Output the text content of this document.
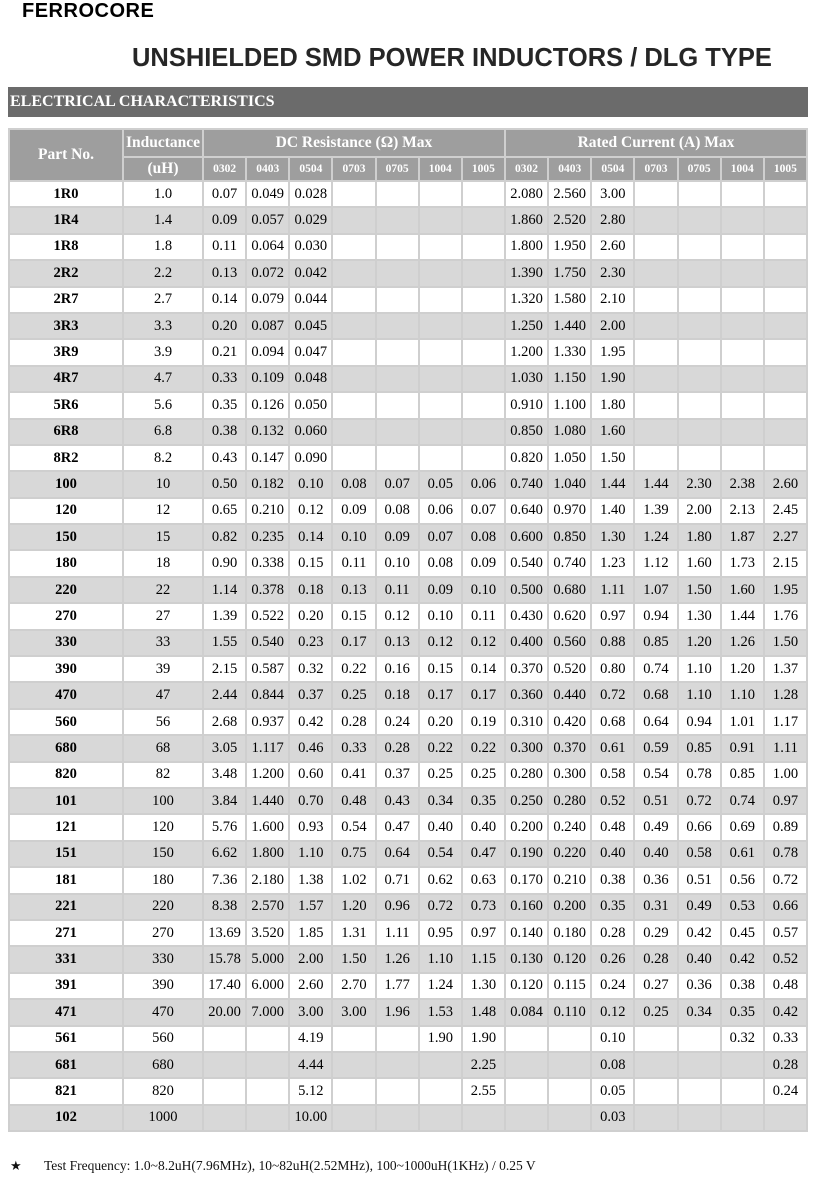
FERROCORE
UNSHIELDED SMD POWER INDUCTORS / DLG TYPE
ELECTRICAL CHARACTERISTICS
Part No.	Inductance	DC Resistance (Ω) Max							Rated Current (A) Max						
	(uH)	0302	0403	0504	0703	0705	1004	1005	0302	0403	0504	0703	0705	1004	1005
1R0	1.0	0.07	0.049	0.028					2.080	2.560	3.00				
1R4	1.4	0.09	0.057	0.029					1.860	2.520	2.80				
1R8	1.8	0.11	0.064	0.030					1.800	1.950	2.60				
2R2	2.2	0.13	0.072	0.042					1.390	1.750	2.30				
2R7	2.7	0.14	0.079	0.044					1.320	1.580	2.10				
3R3	3.3	0.20	0.087	0.045					1.250	1.440	2.00				
3R9	3.9	0.21	0.094	0.047					1.200	1.330	1.95				
4R7	4.7	0.33	0.109	0.048					1.030	1.150	1.90				
5R6	5.6	0.35	0.126	0.050					0.910	1.100	1.80				
6R8	6.8	0.38	0.132	0.060					0.850	1.080	1.60				
8R2	8.2	0.43	0.147	0.090					0.820	1.050	1.50				
100	10	0.50	0.182	0.10	0.08	0.07	0.05	0.06	0.740	1.040	1.44	1.44	2.30	2.38	2.60
120	12	0.65	0.210	0.12	0.09	0.08	0.06	0.07	0.640	0.970	1.40	1.39	2.00	2.13	2.45
150	15	0.82	0.235	0.14	0.10	0.09	0.07	0.08	0.600	0.850	1.30	1.24	1.80	1.87	2.27
180	18	0.90	0.338	0.15	0.11	0.10	0.08	0.09	0.540	0.740	1.23	1.12	1.60	1.73	2.15
220	22	1.14	0.378	0.18	0.13	0.11	0.09	0.10	0.500	0.680	1.11	1.07	1.50	1.60	1.95
270	27	1.39	0.522	0.20	0.15	0.12	0.10	0.11	0.430	0.620	0.97	0.94	1.30	1.44	1.76
330	33	1.55	0.540	0.23	0.17	0.13	0.12	0.12	0.400	0.560	0.88	0.85	1.20	1.26	1.50
390	39	2.15	0.587	0.32	0.22	0.16	0.15	0.14	0.370	0.520	0.80	0.74	1.10	1.20	1.37
470	47	2.44	0.844	0.37	0.25	0.18	0.17	0.17	0.360	0.440	0.72	0.68	1.10	1.10	1.28
560	56	2.68	0.937	0.42	0.28	0.24	0.20	0.19	0.310	0.420	0.68	0.64	0.94	1.01	1.17
680	68	3.05	1.117	0.46	0.33	0.28	0.22	0.22	0.300	0.370	0.61	0.59	0.85	0.91	1.11
820	82	3.48	1.200	0.60	0.41	0.37	0.25	0.25	0.280	0.300	0.58	0.54	0.78	0.85	1.00
101	100	3.84	1.440	0.70	0.48	0.43	0.34	0.35	0.250	0.280	0.52	0.51	0.72	0.74	0.97
121	120	5.76	1.600	0.93	0.54	0.47	0.40	0.40	0.200	0.240	0.48	0.49	0.66	0.69	0.89
151	150	6.62	1.800	1.10	0.75	0.64	0.54	0.47	0.190	0.220	0.40	0.40	0.58	0.61	0.78
181	180	7.36	2.180	1.38	1.02	0.71	0.62	0.63	0.170	0.210	0.38	0.36	0.51	0.56	0.72
221	220	8.38	2.570	1.57	1.20	0.96	0.72	0.73	0.160	0.200	0.35	0.31	0.49	0.53	0.66
271	270	13.69	3.520	1.85	1.31	1.11	0.95	0.97	0.140	0.180	0.28	0.29	0.42	0.45	0.57
331	330	15.78	5.000	2.00	1.50	1.26	1.10	1.15	0.130	0.120	0.26	0.28	0.40	0.42	0.52
391	390	17.40	6.000	2.60	2.70	1.77	1.24	1.30	0.120	0.115	0.24	0.27	0.36	0.38	0.48
471	470	20.00	7.000	3.00	3.00	1.96	1.53	1.48	0.084	0.110	0.12	0.25	0.34	0.35	0.42
561	560			4.19			1.90	1.90			0.10			0.32	0.33
681	680			4.44				2.25			0.08				0.28
821	820			5.12				2.55			0.05				0.24
102	1000			10.00							0.03				
★ Test Frequency: 1.0~8.2uH(7.96MHz), 10~82uH(2.52MHz), 100~1000uH(1KHz) / 0.25 V
